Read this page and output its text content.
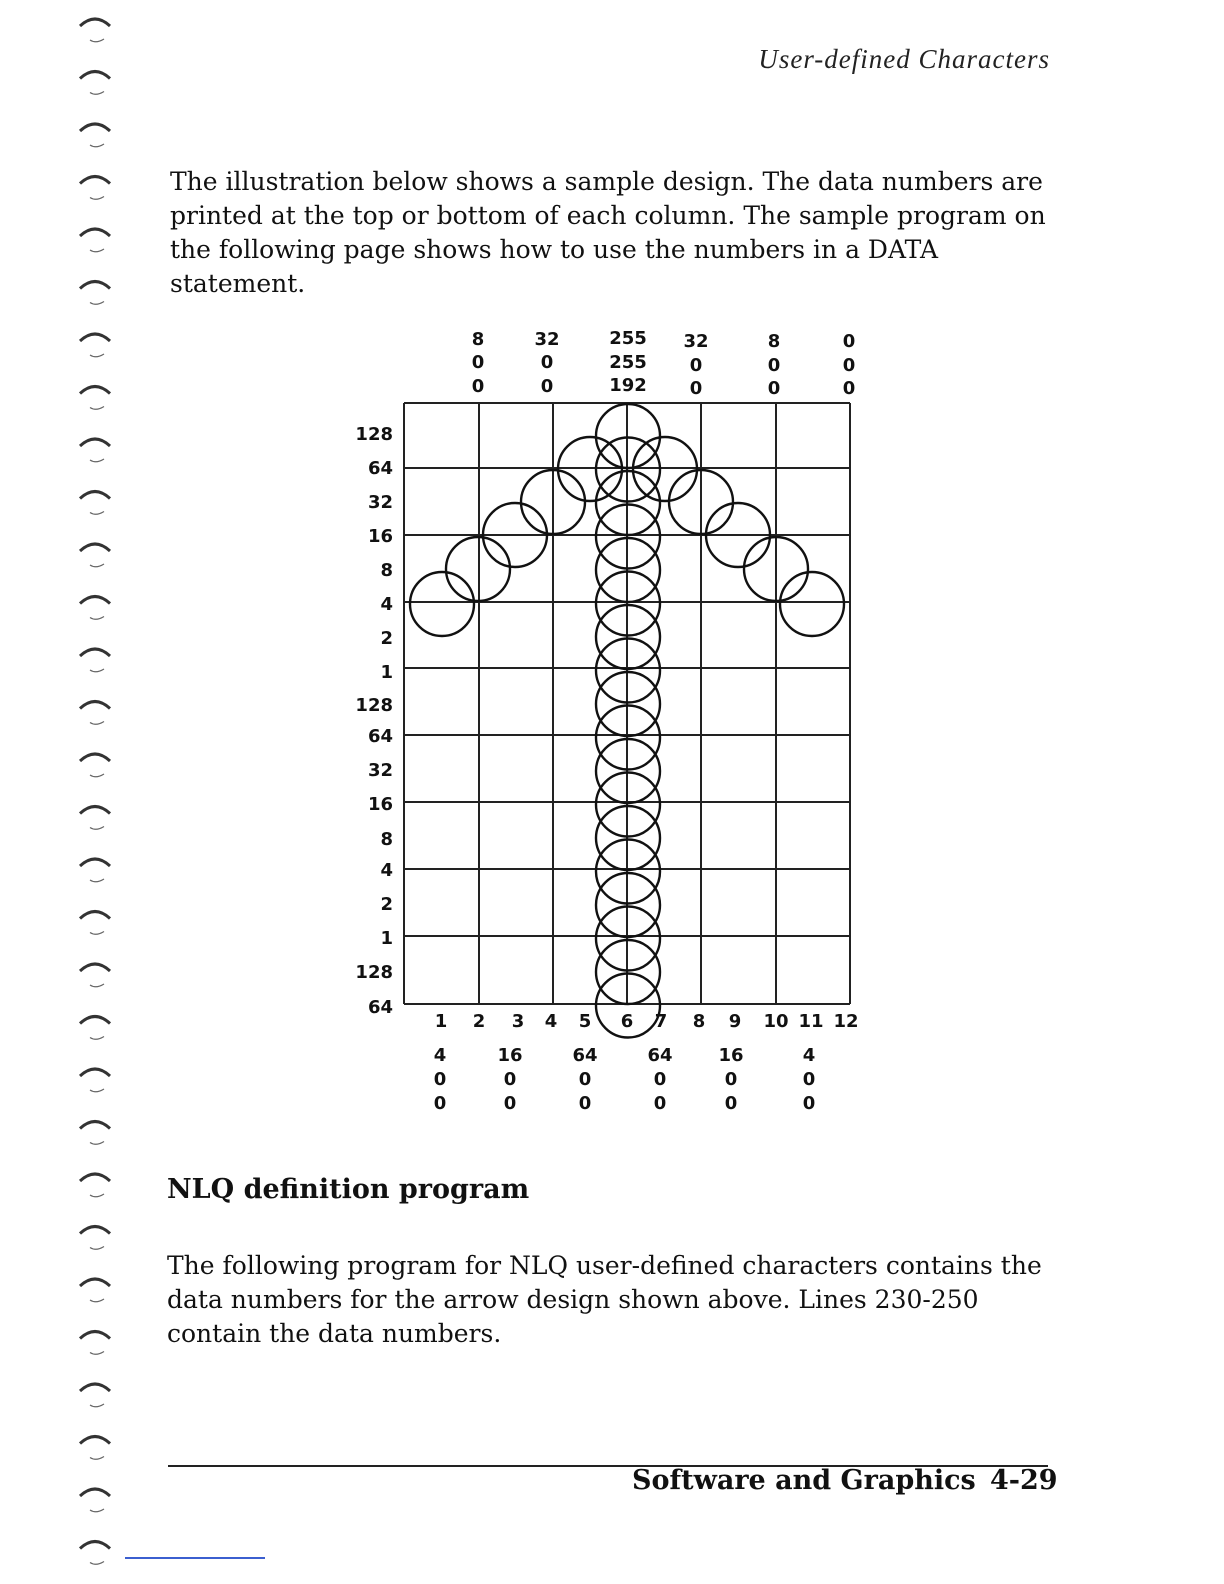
User-defined Characters

The illustration below shows a sample design. The data numbers are printed at the top or bottom of each column. The sample program on the following page shows how to use the numbers in a DATA statement.

8
0
0
32
0
0
255
255
192
32
0
0
8
0
0
0
0
0
128
64
32
16
8
4
2
1
128
64
32
16
8
4
2
1
128
64
1 2 3 4 5 6 7 8 9 10 11 12
4
0
0
16
0
0
64
0
0
64
0
0
16
0
0
4
0
0
NLQ definition program

The following program for NLQ user-defined characters contains the data numbers for the arrow design shown above. Lines 230-250 contain the data numbers.

Software and Graphics 4-29
